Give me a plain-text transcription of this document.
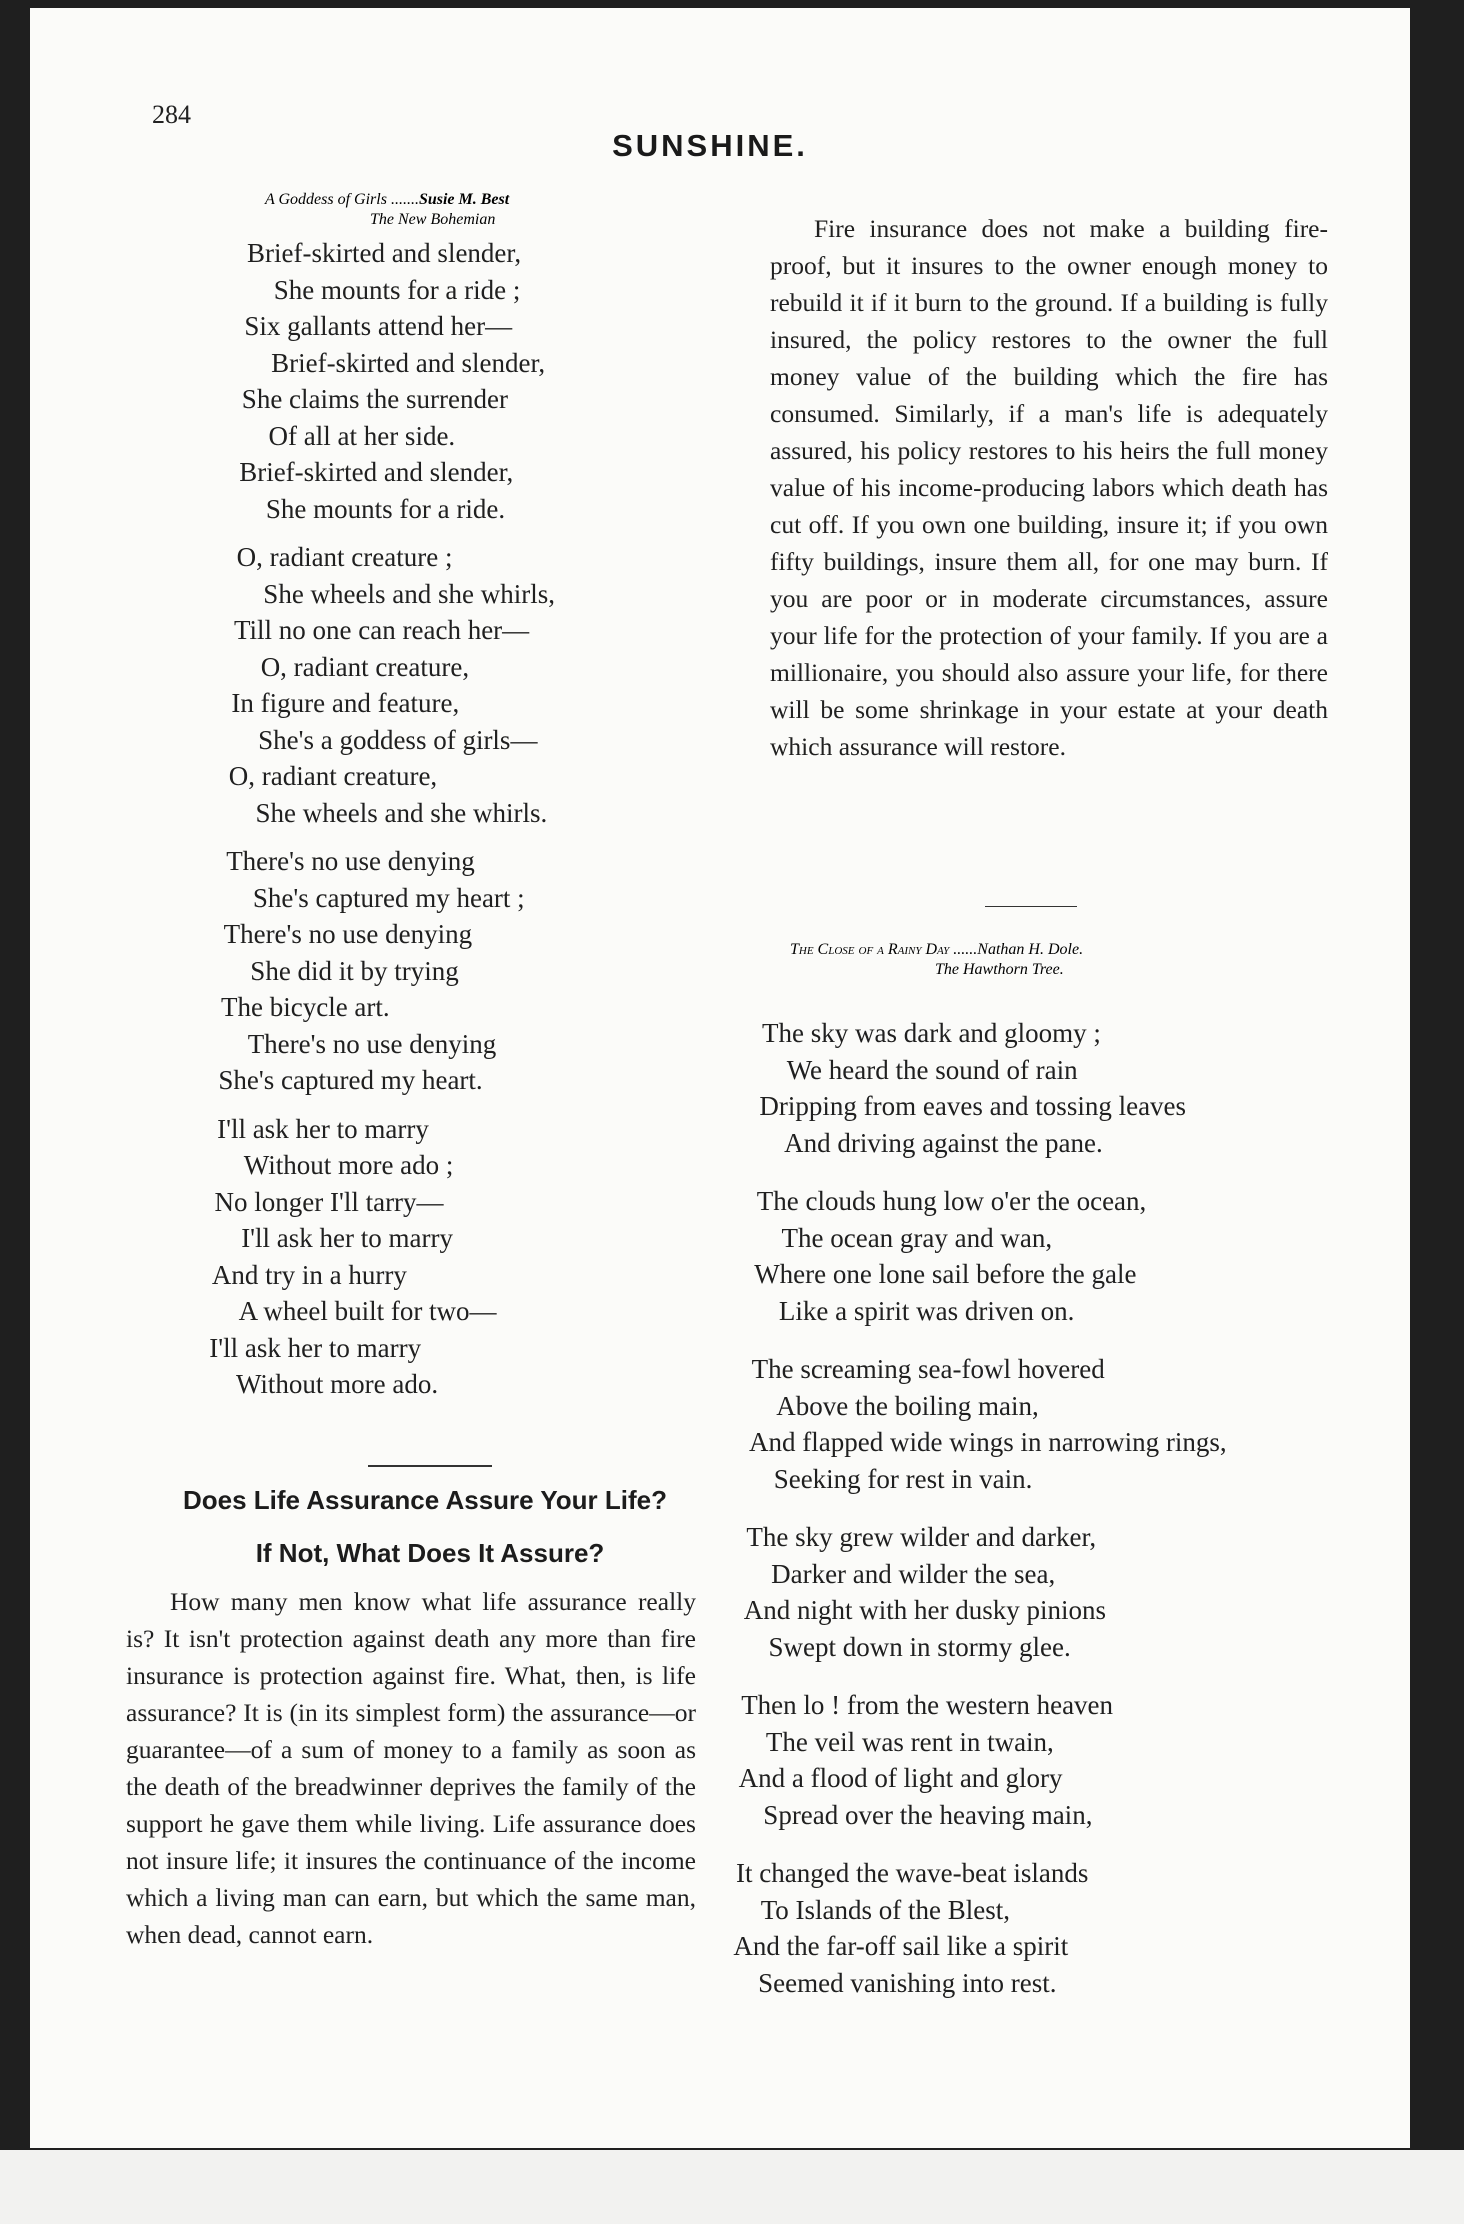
284
SUNSHINE.
A Goddess of Girls .......Susie M. Best
The New Bohemian
Brief-skirted and slender,
She mounts for a ride ;
Six gallants attend her—
Brief-skirted and slender,
She claims the surrender
Of all at her side.
Brief-skirted and slender,
She mounts for a ride.
O, radiant creature ;
She wheels and she whirls,
Till no one can reach her—
O, radiant creature,
In figure and feature,
She's a goddess of girls—
O, radiant creature,
She wheels and she whirls.
There's no use denying
She's captured my heart ;
There's no use denying
She did it by trying
The bicycle art.
There's no use denying
She's captured my heart.
I'll ask her to marry
Without more ado ;
No longer I'll tarry—
I'll ask her to marry
And try in a hurry
A wheel built for two—
I'll ask her to marry
Without more ado.
Does Life Assurance Assure Your Life?
If Not, What Does It Assure?
How many men know what life assurance really is? It isn't protection against death any more than fire insurance is protection against fire. What, then, is life assurance? It is (in its simplest form) the assurance—or guarantee—of a sum of money to a family as soon as the death of the breadwinner deprives the family of the support he gave them while living. Life assurance does not insure life; it insures the continuance of the income which a living man can earn, but which the same man, when dead, cannot earn.
Fire insurance does not make a building fire-proof, but it insures to the owner enough money to rebuild it if it burn to the ground. If a building is fully insured, the policy restores to the owner the full money value of the building which the fire has consumed. Similarly, if a man's life is adequately assured, his policy restores to his heirs the full money value of his income-producing labors which death has cut off. If you own one building, insure it; if you own fifty buildings, insure them all, for one may burn. If you are poor or in moderate circumstances, assure your life for the protection of your family. If you are a millionaire, you should also assure your life, for there will be some shrinkage in your estate at your death which assurance will restore.
The Close of a Rainy Day ......Nathan H. Dole.
The Hawthorn Tree.
The sky was dark and gloomy ;
We heard the sound of rain
Dripping from eaves and tossing leaves
And driving against the pane.
The clouds hung low o'er the ocean,
The ocean gray and wan,
Where one lone sail before the gale
Like a spirit was driven on.
The screaming sea-fowl hovered
Above the boiling main,
And flapped wide wings in narrowing rings,
Seeking for rest in vain.
The sky grew wilder and darker,
Darker and wilder the sea,
And night with her dusky pinions
Swept down in stormy glee.
Then lo ! from the western heaven
The veil was rent in twain,
And a flood of light and glory
Spread over the heaving main,
It changed the wave-beat islands
To Islands of the Blest,
And the far-off sail like a spirit
Seemed vanishing into rest.
